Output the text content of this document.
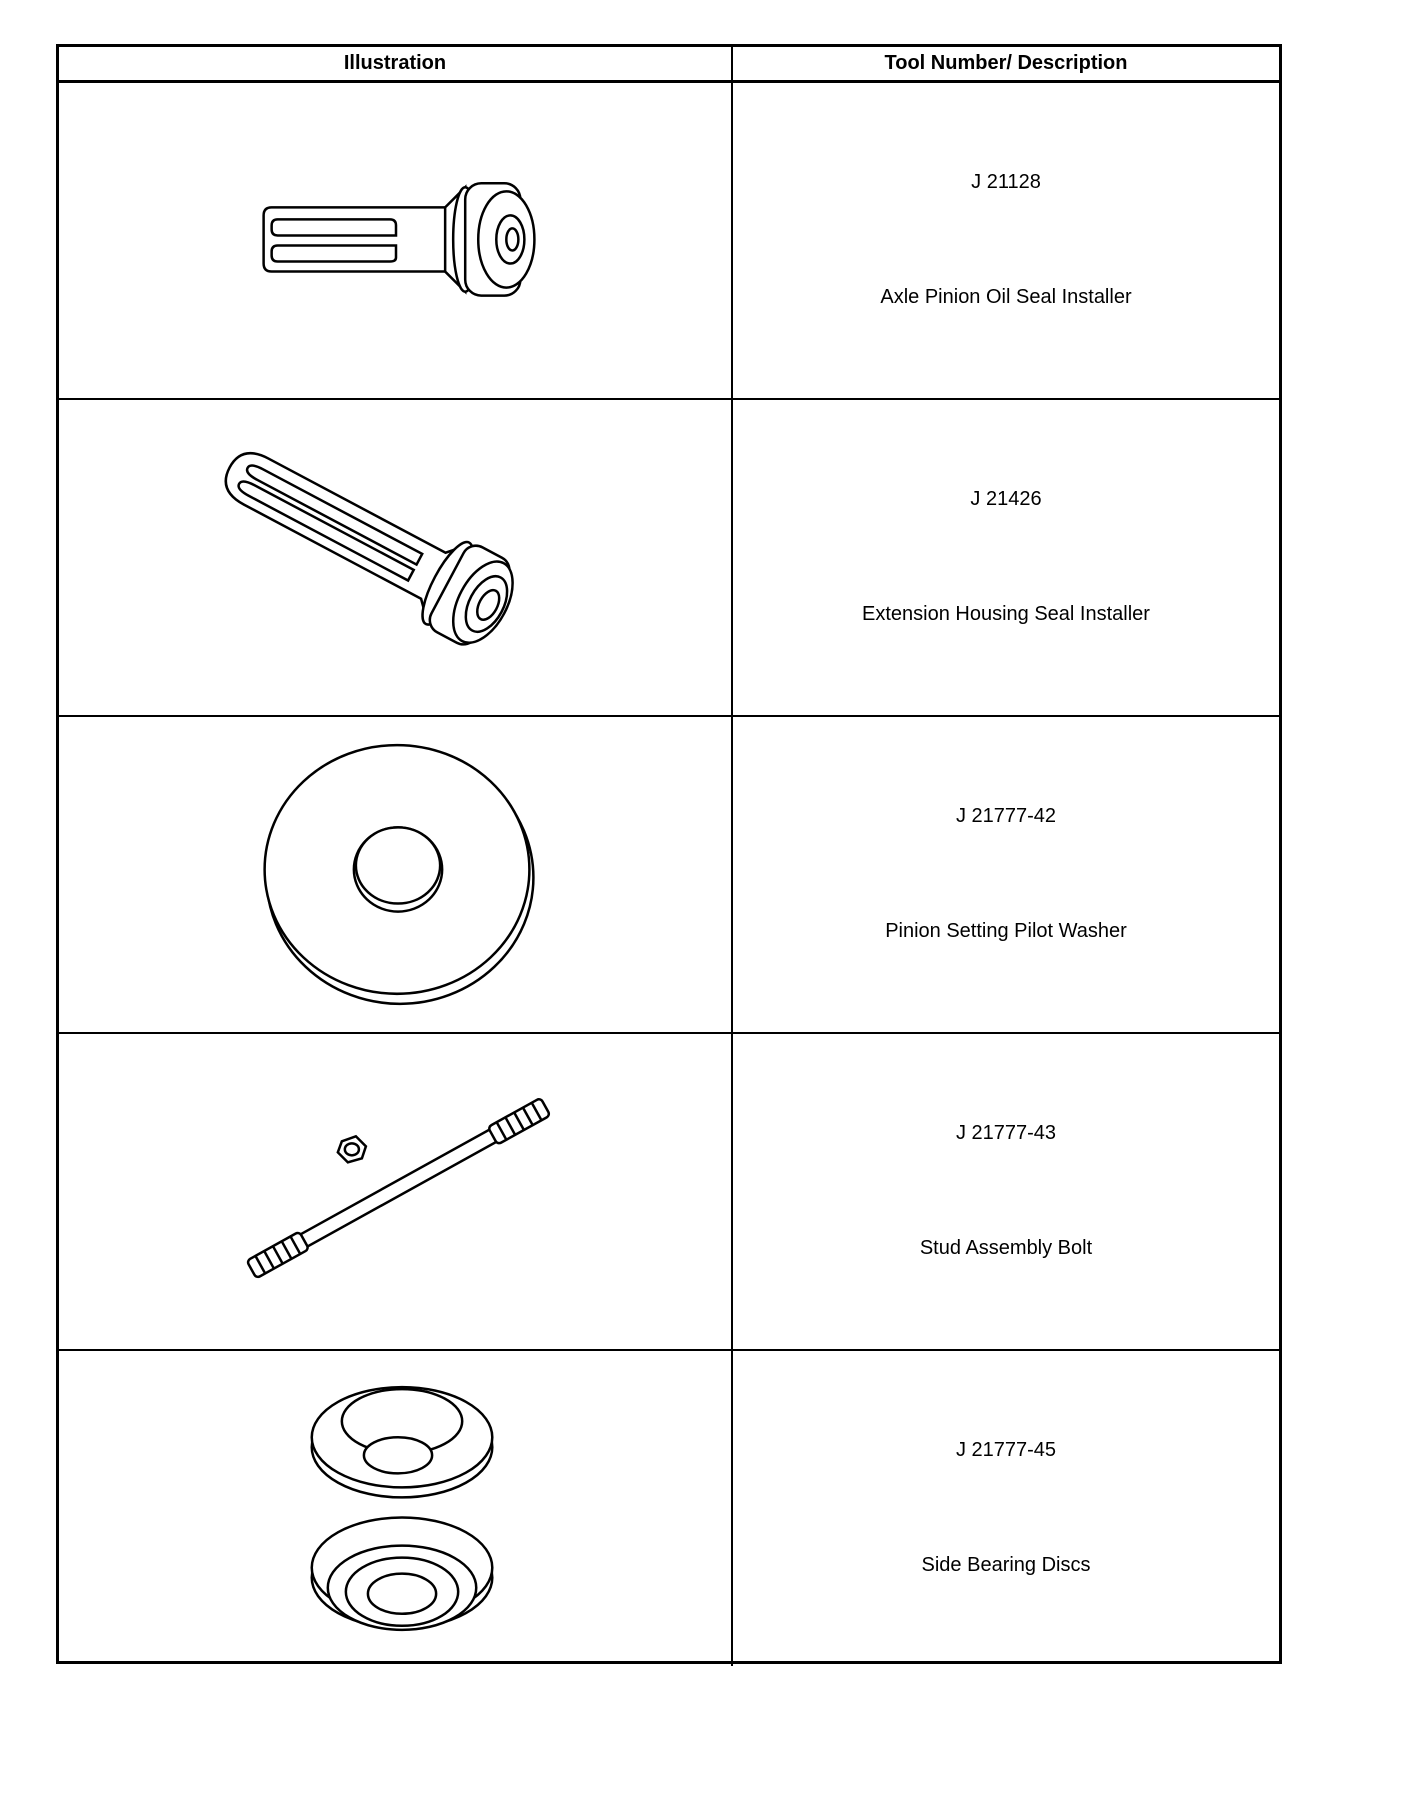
Illustration	Tool Number/ Description
J 21128
Axle Pinion Oil Seal Installer
J 21426
Extension Housing Seal Installer
J 21777-42
Pinion Setting Pilot Washer
J 21777-43
Stud Assembly Bolt
J 21777-45
Side Bearing Discs
